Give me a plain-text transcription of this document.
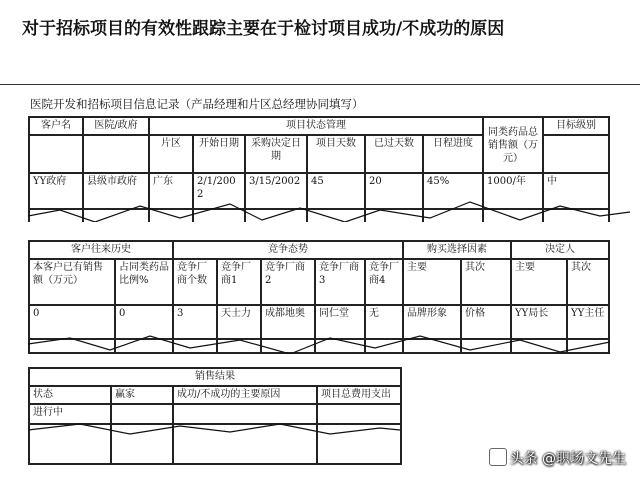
对于招标项目的有效性跟踪主要在于检讨项目成功/不成功的原因
医院开发和招标项目信息记录（产品经理和片区总经理协同填写）
客户名	医院/政府	项目状态管理						同类药品总销售额（万元）	目标级别
		片区	开始日期	采购决定日期	项目天数	已过天数	日程进度		
YY政府	县级市政府	广东	2/1/2002	3/15/2002	45	20	45%	1000/年	中

客户往来历史		竞争态势					购买选择因素		决定人	
本客户已有销售额（万元）	占同类药品比例%	竞争厂商个数	竞争厂商1	竞争厂商2	竞争厂商3	竞争厂商4	主要	其次	主要	其次
0	0	3	天士力	成都地奥	同仁堂	无	品牌形象	价格	YY局长	YY主任

销售结果			
状态	赢家	成功/不成功的主要原因	项目总费用支出
进行中			

头条 @职场文先生
